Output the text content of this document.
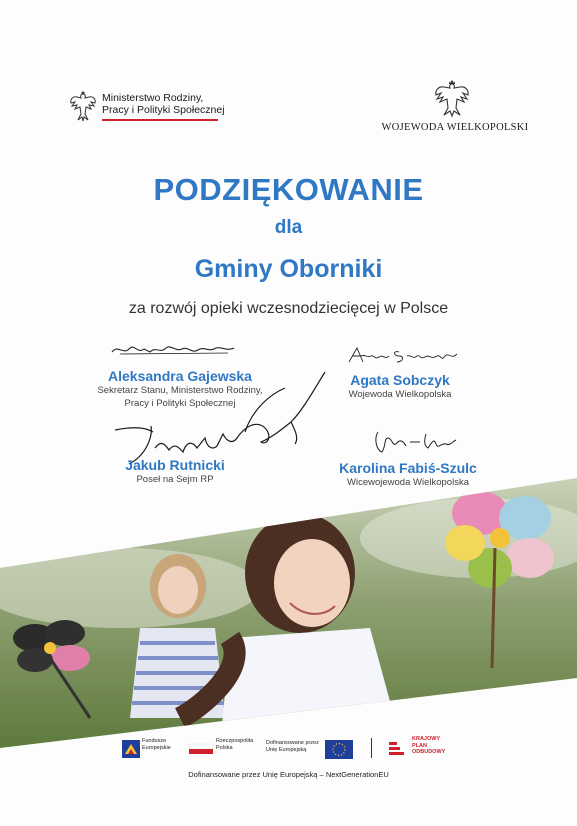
Ministerstwo Rodziny,
Pracy i Polityki Społecznej
WOJEWODA WIELKOPOLSKI
PODZIĘKOWANIE
dla
Gminy Oborniki
za rozwój opieki wczesnodziecięcej w Polsce
Aleksandra Gajewska
Sekretarz Stanu, Ministerstwo Rodziny,
Pracy i Polityki Społecznej
Agata Sobczyk
Wojewoda Wielkopolska
Jakub Rutnicki
Poseł na Sejm RP
Karolina Fabiś-Szulc
Wicewojewoda Wielkopolska
Fundusze
Europejskie
Rzeczpospolita
Polska
Dofinansowane przez
Unię Europejską
KRAJOWY
PLAN
ODBUDOWY
Dofinansowane przez Unię Europejską – NextGenerationEU
